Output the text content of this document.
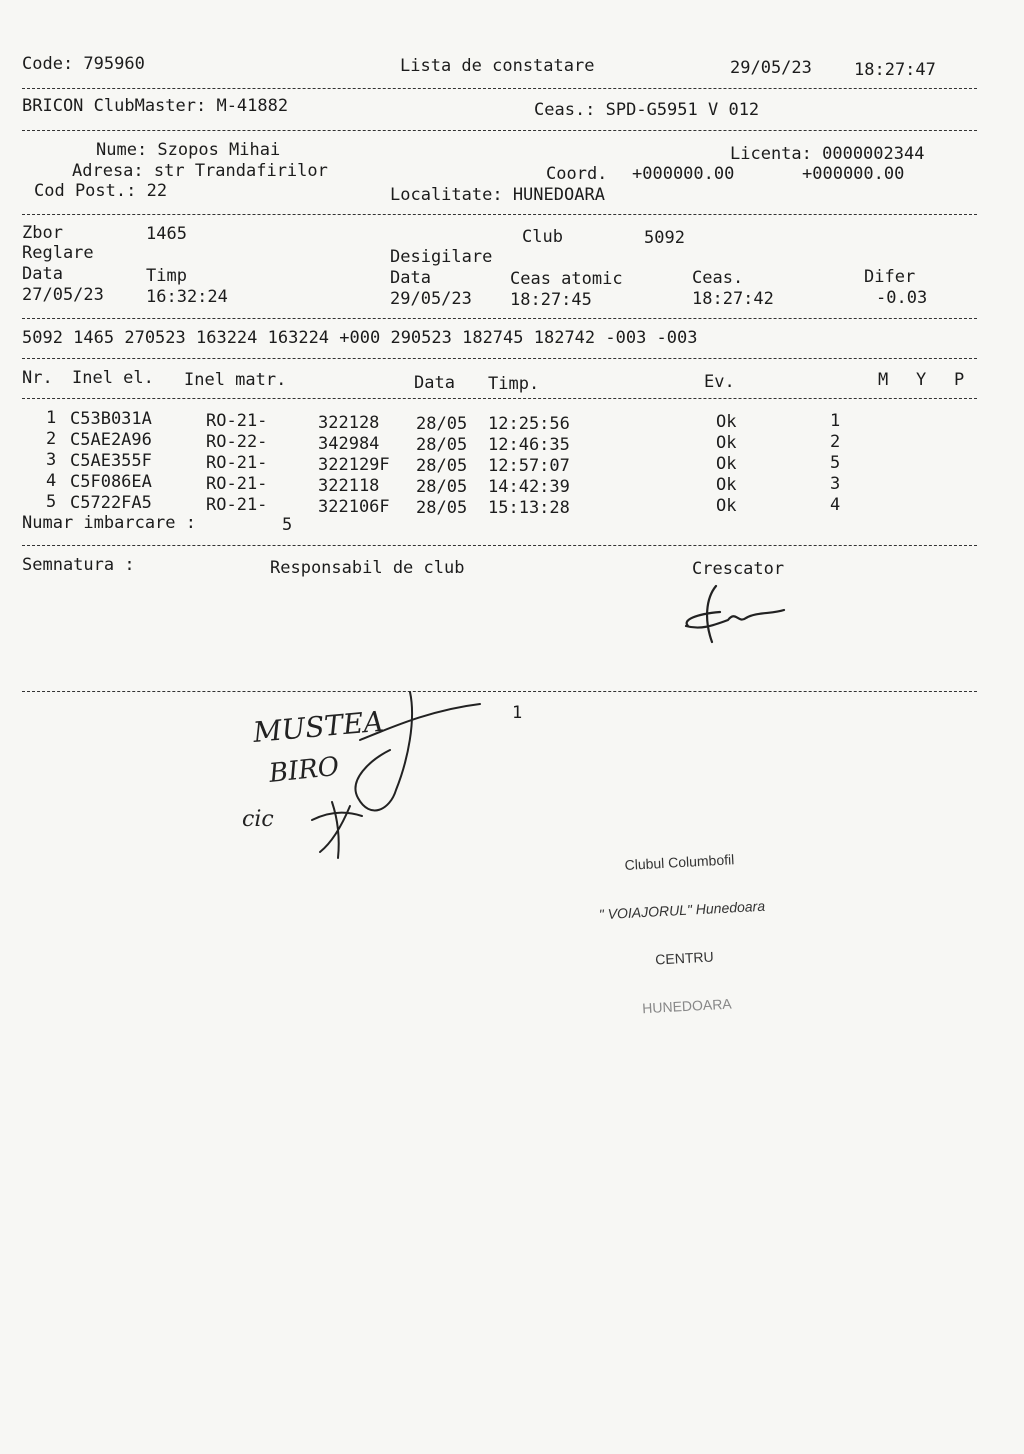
Code: 795960	Lista de constatare	29/05/23 18:27:47
BRICON ClubMaster: M-41882	Ceas.: SPD-G5951 V 012
Nume: Szopos Mihai	Licenta: 0000002344
Adresa: str Trandafirilor	Coord. +000000.00	+000000.00
Cod Post.: 22	Localitate: HUNEDOARA
Zbor	1465	Club	5092
Reglare	Desigilare
Data	Timp	Data	Ceas atomic	Ceas.	Difer
27/05/23 16:32:24	29/05/23 18:27:45	18:27:42	-0.03
5092 1465 270523 163224 163224 +000 290523 182745 182742 -003 -003
Nr. Inel el. Inel matr.	Data Timp.	Ev.	M Y P
1 C53B031A	RO-21-	322128 28/05 12:25:56	Ok	1
2 C5AE2A96	RO-22-	342984 28/05 12:46:35	Ok	2
3 C5AE355F	RO-21-	322129F 28/05 12:57:07	Ok	5
4 C5F086EA	RO-21-	322118 28/05 14:42:39	Ok	3
5 C5722FA5	RO-21-	322106F 28/05 15:13:28	Ok	4
Numar imbarcare :	5
Semnatura :	Responsabil de club	Crescator
1
MUSTEA
BIRO
cic

Clubul Columbofil

" VOIAJORUL" Hunedoara

CENTRU

HUNEDOARA
